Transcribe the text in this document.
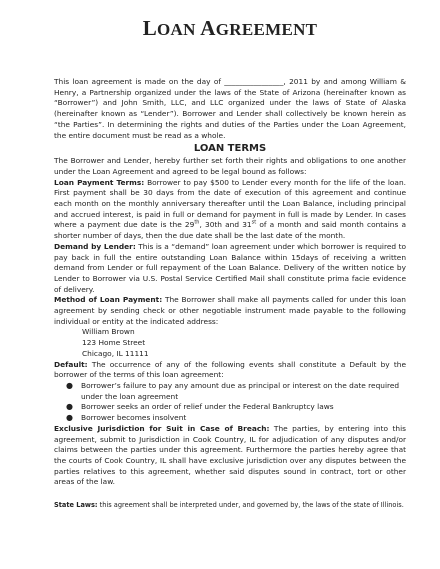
LOAN AGREEMENT

This loan agreement is made on the day of ________________, 2011 by and among William & Henry, a Partnership organized under the laws of the State of Arizona (hereinafter known as “Borrower”) and John Smith, LLC, and LLC organized under the laws of State of Alaska (hereinafter known as “Lender”). Borrower and Lender shall collectively be known herein as “the Parties”. In determining the rights and duties of the Parties under the Loan Agreement, the entire document must be read as a whole.

LOAN TERMS

The Borrower and Lender, hereby further set forth their rights and obligations to one another under the Loan Agreement and agreed to be legal bound as follows:

Loan Payment Terms: Borrower to pay $500 to Lender every month for the life of the loan. First payment shall be 30 days from the date of execution of this agreement and continue each month on the monthly anniversary thereafter until the Loan Balance, including principal and accrued interest, is paid in full or demand for payment in full is made by Lender. In cases where a payment due date is the 29th, 30th and 31st of a month and said month contains a shorter number of days, then the due date shall be the last date of the month.

Demand by Lender: This is a “demand” loan agreement under which borrower is required to pay back in full the entire outstanding Loan Balance within 15days of receiving a written demand from Lender or full repayment of the Loan Balance. Delivery of the written notice by Lender to Borrower via U.S. Postal Service Certified Mail shall constitute prima facie evidence of delivery.

Method of Loan Payment: The Borrower shall make all payments called for under this loan agreement by sending check or other negotiable instrument made payable to the following individual or entity at the indicated address:

William Brown
123 Home Street
Chicago, IL 11111

Default: The occurrence of any of the following events shall constitute a Default by the borrower of the terms of this loan agreement:

● Borrower’s failure to pay any amount due as principal or interest on the date required under the loan agreement
● Borrower seeks an order of relief under the Federal Bankruptcy laws
● Borrower becomes insolvent

Exclusive Jurisdiction for Suit in Case of Breach: The parties, by entering into this agreement, submit to Jurisdiction in Cook Country, IL for adjudication of any disputes and/or claims between the parties under this agreement. Furthermore the parties hereby agree that the courts of Cook Country, IL shall have exclusive jurisdiction over any disputes between the parties relatives to this agreement, whether said disputes sound in contract, tort or other areas of the law.

State Laws: this agreement shall be interpreted under, and governed by, the laws of the state of Illinois.
